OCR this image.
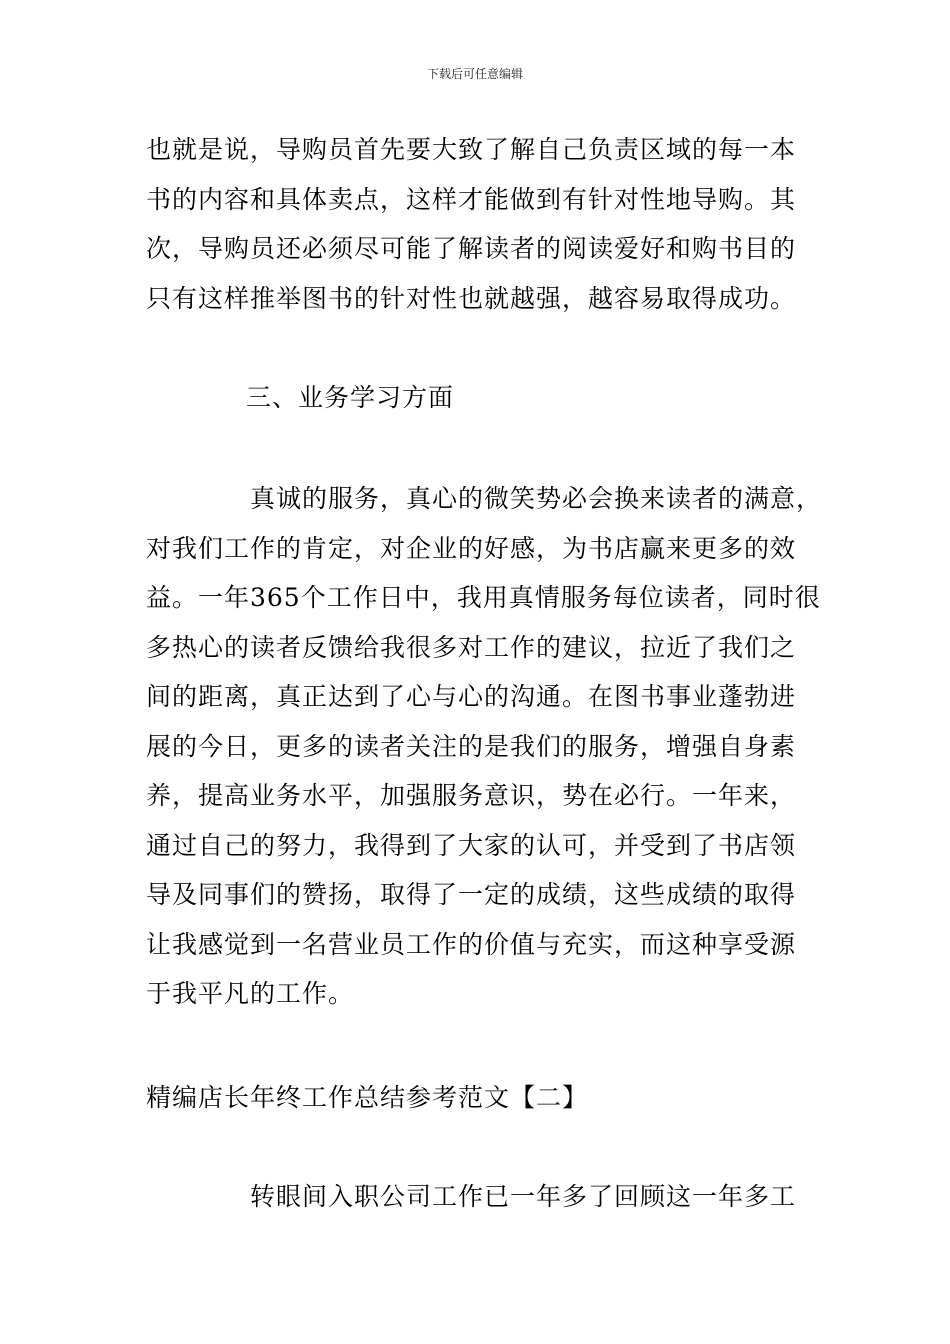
下载后可任意编辑
也就是说，导购员首先要大致了解自己负责区域的每一本
书的内容和具体卖点，这样才能做到有针对性地导购。其
次，导购员还必须尽可能了解读者的阅读爱好和购书目的
只有这样推举图书的针对性也就越强，越容易取得成功。
三、业务学习方面
真诚的服务，真心的微笑势必会换来读者的满意，
对我们工作的肯定，对企业的好感，为书店赢来更多的效
益。一年365个工作日中，我用真情服务每位读者，同时很
多热心的读者反馈给我很多对工作的建议，拉近了我们之
间的距离，真正达到了心与心的沟通。在图书事业蓬勃进
展的今日，更多的读者关注的是我们的服务，增强自身素
养，提高业务水平，加强服务意识，势在必行。一年来，
通过自己的努力，我得到了大家的认可，并受到了书店领
导及同事们的赞扬，取得了一定的成绩，这些成绩的取得
让我感觉到一名营业员工作的价值与充实，而这种享受源
于我平凡的工作。
精编店长年终工作总结参考范文【二】
转眼间入职公司工作已一年多了回顾这一年多工
